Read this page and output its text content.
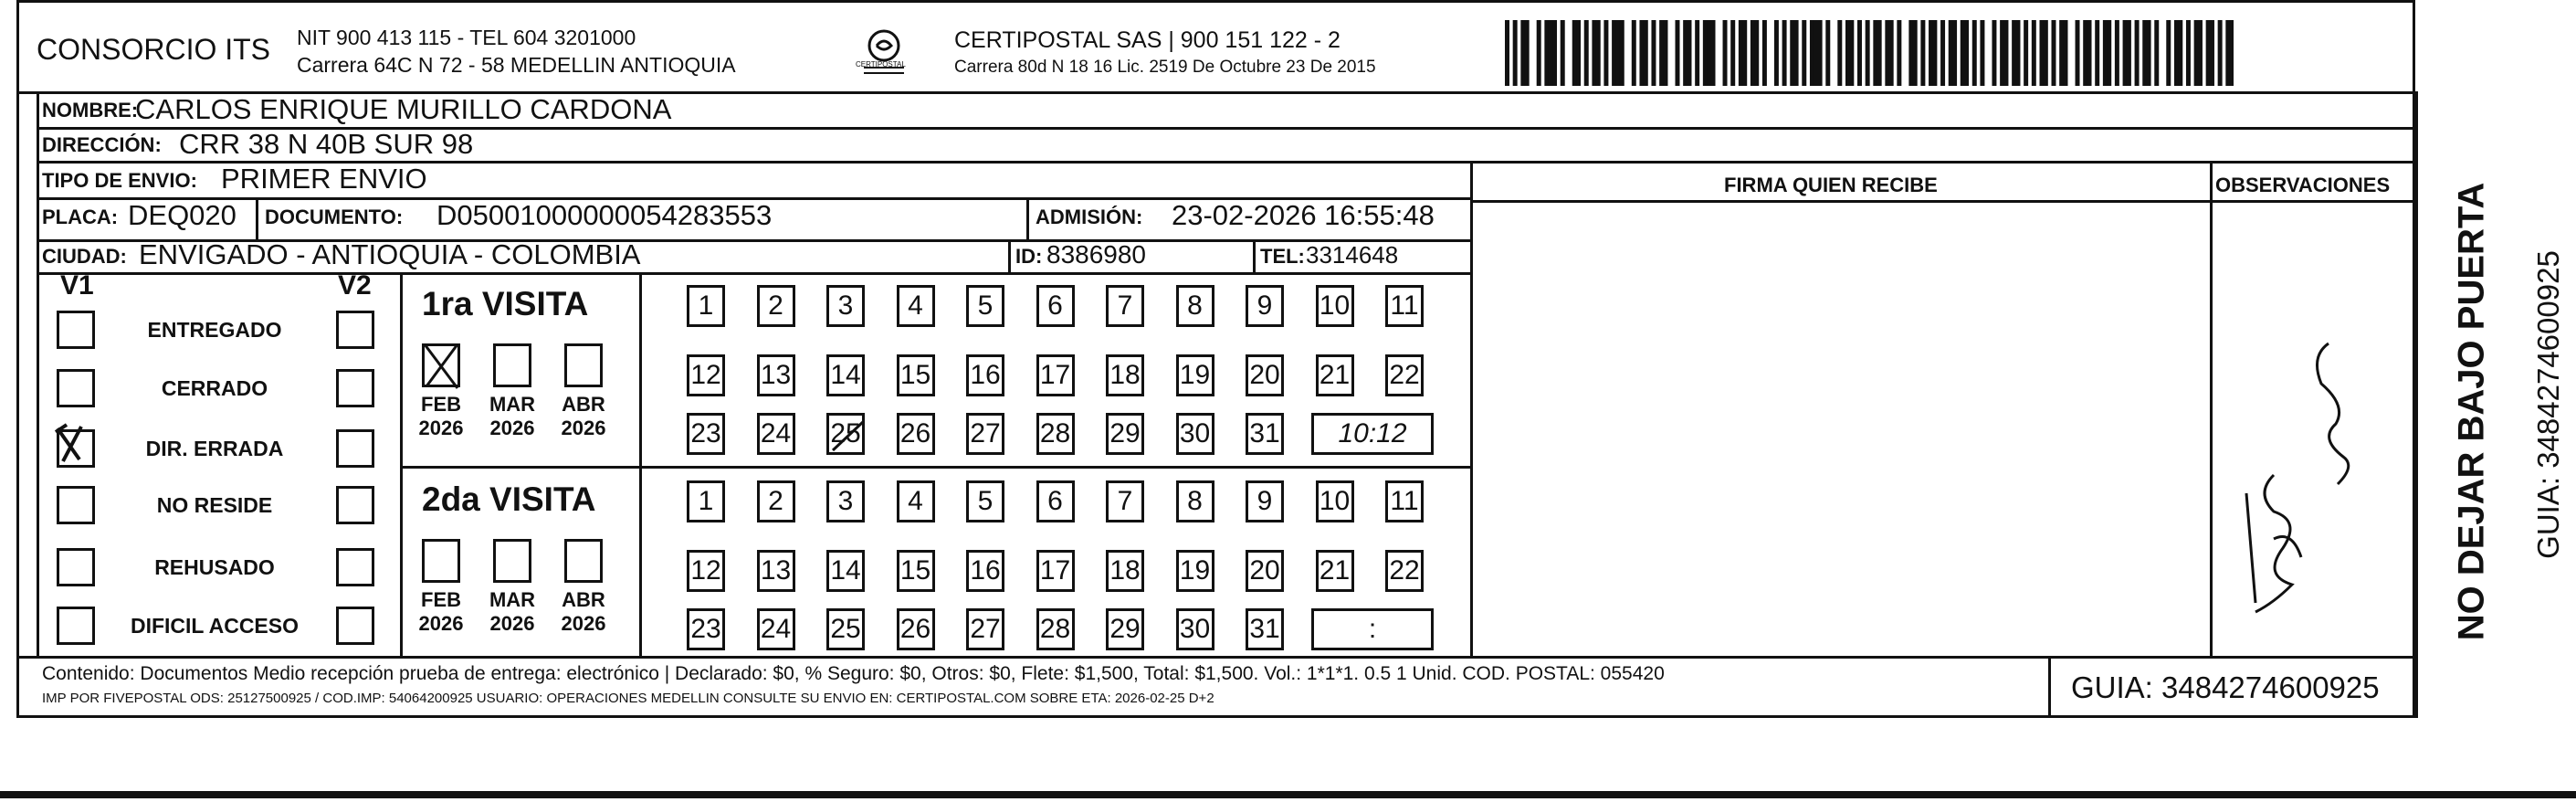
CONSORCIO ITS NIT 900 413 115 - TEL 604 3201000
Carrera 64C N 72 - 58 MEDELLIN ANTIOQUIA	CERTIPOSTAL
CERTIPOSTAL SAS | 900 151 122 - 2
Carrera 80d N 18 16 Lic. 2519 De Octubre 23 De 2015
NOMBRE:
CARLOS ENRIQUE MURILLO CARDONA
DIRECCIÓN: CRR 38 N 40B SUR 98
TIPO DE ENVIO: PRIMER ENVIO	FIRMA QUIEN RECIBE	OBSERVACIONES
PLACA: DEQ020 DOCUMENTO: D05001000000054283553	ADMISIÓN: 23-02-2026 16:55:48
CIUDAD: ENVIGADO - ANTIOQUIA - COLOMBIA	ID: 8386980	TEL: 3314648
V1	V2
ENTREGADO
CERRADO
DIR. ERRADA
NO RESIDE
REHUSADO
DIFICIL ACCESO
1ra VISITA
FEB
2026
MAR
2026
ABR
2026
1	2	3	4	5	6	7	8	9	10 11
12 13 14 15 16 17 18 19 20 21 22
23 24 25 26 27 28 29 30 31	10:12
2da VISITA
FEB
2026
MAR
2026
ABR
2026
1	2	3	4	5	6	7	8	9	10 11
12 13 14 15 16 17 18 19 20 21 22
23 24 25 26 27 28 29 30 31	:	NO DEJAR BAJO PUERTA GUIA: 3484274600925
Contenido: Documentos Medio recepción prueba de entrega: electrónico | Declarado: $0, % Seguro: $0, Otros: $0, Flete: $1,500, Total: $1,500. Vol.: 1*1*1. 0.5 1 Unid. COD. POSTAL: 055420
IMP POR FIVEPOSTAL ODS: 25127500925 / COD.IMP: 54064200925 USUARIO: OPERACIONES MEDELLIN CONSULTE SU ENVIO EN: CERTIPOSTAL.COM SOBRE ETA: 2026-02-25 D+2	GUIA: 3484274600925
